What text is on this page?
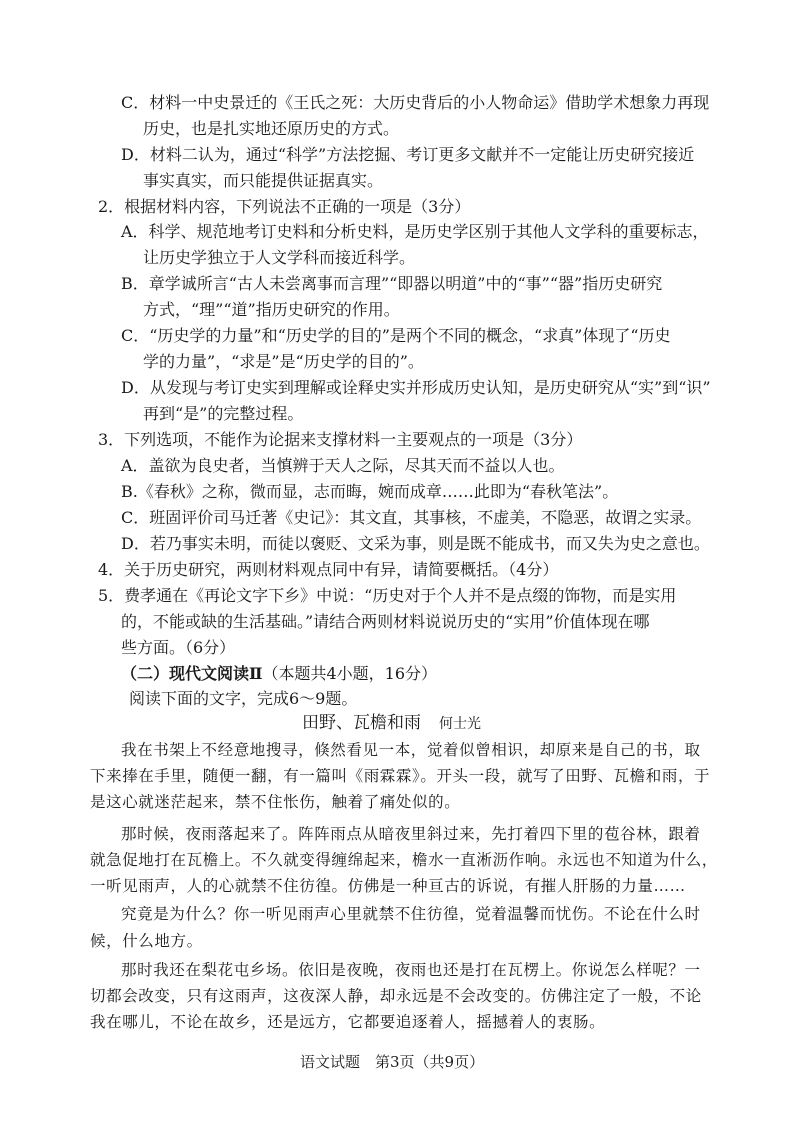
C．材料一中史景迁的《王氏之死：大历史背后的小人物命运》借助学术想象力再现
历史，也是扎实地还原历史的方式。
D．材料二认为，通过“科学”方法挖掘、考订更多文献并不一定能让历史研究接近
事实真实，而只能提供证据真实。
2．根据材料内容，下列说法不正确的一项是（3分）
A．科学、规范地考订史料和分析史料，是历史学区别于其他人文学科的重要标志，
让历史学独立于人文学科而接近科学。
B．章学诚所言“古人未尝离事而言理”“即器以明道”中的“事”“器”指历史研究
方式，“理”“道”指历史研究的作用。
C．“历史学的力量”和“历史学的目的”是两个不同的概念，“求真”体现了“历史
学的力量”，“求是”是“历史学的目的”。
D．从发现与考订史实到理解或诠释史实并形成历史认知，是历史研究从“实”到“识”
再到“是”的完整过程。
3．下列选项，不能作为论据来支撑材料一主要观点的一项是（3分）
A．盖欲为良史者，当慎辨于天人之际，尽其天而不益以人也。
B.《春秋》之称，微而显，志而晦，婉而成章……此即为“春秋笔法”。
C．班固评价司马迁著《史记》：其文直，其事核，不虚美，不隐恶，故谓之实录。
D．若乃事实未明，而徒以褒贬、文采为事，则是既不能成书，而又失为史之意也。
4．关于历史研究，两则材料观点同中有异，请简要概括。（4分）
5．费孝通在《再论文字下乡》中说：“历史对于个人并不是点缀的饰物，而是实用
的，不能或缺的生活基础。”请结合两则材料说说历史的“实用”价值体现在哪
些方面。（6分）
（二）现代文阅读Ⅱ（本题共4小题，16分）
阅读下面的文字，完成6～9题。
田野、瓦檐和雨 何士光
我在书架上不经意地搜寻，倏然看见一本，觉着似曾相识，却原来是自己的书，取
下来捧在手里，随便一翻，有一篇叫《雨霖霖》。开头一段，就写了田野、瓦檐和雨，于
是这心就迷茫起来，禁不住怅伤，触着了痛处似的。
那时候，夜雨落起来了。阵阵雨点从暗夜里斜过来，先打着四下里的苞谷林，跟着
就急促地打在瓦檐上。不久就变得缠绵起来，檐水一直淅沥作响。永远也不知道为什么，
一听见雨声，人的心就禁不住彷徨。仿佛是一种亘古的诉说，有摧人肝肠的力量……
究竟是为什么？你一听见雨声心里就禁不住彷徨，觉着温馨而忧伤。不论在什么时
候，什么地方。
那时我还在梨花屯乡场。依旧是夜晚，夜雨也还是打在瓦楞上。你说怎么样呢？一
切都会改变，只有这雨声，这夜深人静，却永远是不会改变的。仿佛注定了一般，不论
我在哪儿，不论在故乡，还是远方，它都要追逐着人，摇撼着人的衷肠。
语文试题　第3页（共9页）
